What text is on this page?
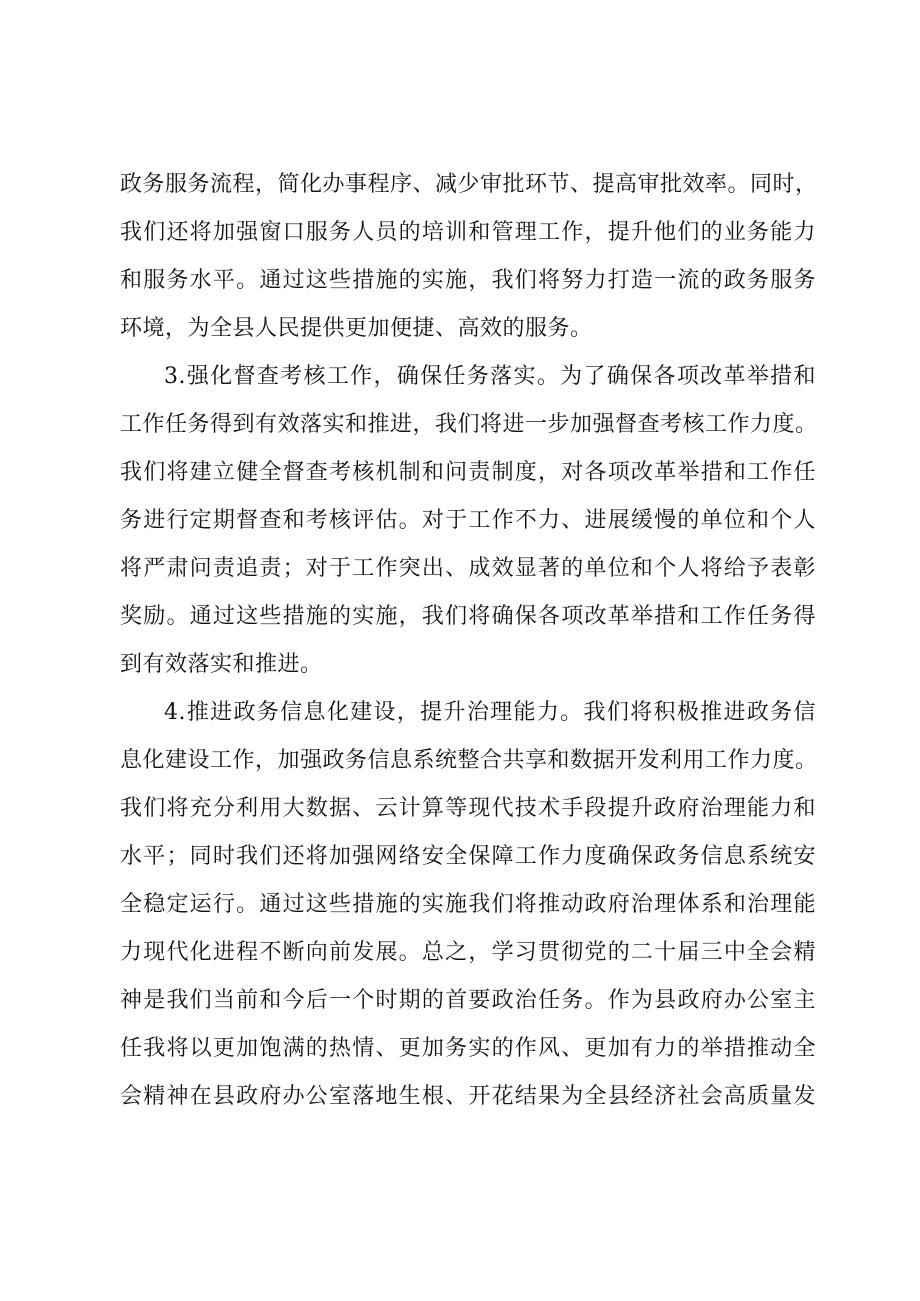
政务服务流程，简化办事程序、减少审批环节、提高审批效率。同时，
我们还将加强窗口服务人员的培训和管理工作，提升他们的业务能力
和服务水平。通过这些措施的实施，我们将努力打造一流的政务服务
环境，为全县人民提供更加便捷、高效的服务。
3.强化督查考核工作，确保任务落实。为了确保各项改革举措和
工作任务得到有效落实和推进，我们将进一步加强督查考核工作力度。
我们将建立健全督查考核机制和问责制度，对各项改革举措和工作任
务进行定期督查和考核评估。对于工作不力、进展缓慢的单位和个人
将严肃问责追责；对于工作突出、成效显著的单位和个人将给予表彰
奖励。通过这些措施的实施，我们将确保各项改革举措和工作任务得
到有效落实和推进。
4.推进政务信息化建设，提升治理能力。我们将积极推进政务信
息化建设工作，加强政务信息系统整合共享和数据开发利用工作力度。
我们将充分利用大数据、云计算等现代技术手段提升政府治理能力和
水平；同时我们还将加强网络安全保障工作力度确保政务信息系统安
全稳定运行。通过这些措施的实施我们将推动政府治理体系和治理能
力现代化进程不断向前发展。总之，学习贯彻党的二十届三中全会精
神是我们当前和今后一个时期的首要政治任务。作为县政府办公室主
任我将以更加饱满的热情、更加务实的作风、更加有力的举措推动全
会精神在县政府办公室落地生根、开花结果为全县经济社会高质量发
